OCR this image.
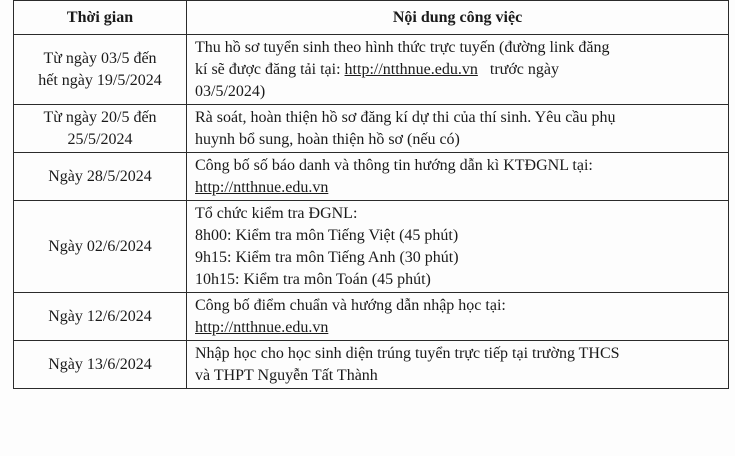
Thời gian	Nội dung công việc

Từ ngày 03/5 đến
hết ngày 19/5/2024	Thu hồ sơ tuyển sinh theo hình thức trực tuyến (đường link đăng
kí sẽ được đăng tải tại: http://ntthnue.edu.vn trước ngày
03/5/2024)

Từ ngày 20/5 đến
25/5/2024	Rà soát, hoàn thiện hồ sơ đăng kí dự thi của thí sinh. Yêu cầu phụ
huynh bổ sung, hoàn thiện hồ sơ (nếu có)

Ngày 28/5/2024	Công bố số báo danh và thông tin hướng dẫn kì KTĐGNL tại:
http://ntthnue.edu.vn

Ngày 02/6/2024	Tổ chức kiểm tra ĐGNL:
8h00: Kiểm tra môn Tiếng Việt (45 phút)
9h15: Kiểm tra môn Tiếng Anh (30 phút)
10h15: Kiểm tra môn Toán (45 phút)

Ngày 12/6/2024	Công bố điểm chuẩn và hướng dẫn nhập học tại:
http://ntthnue.edu.vn

Ngày 13/6/2024	Nhập học cho học sinh diện trúng tuyển trực tiếp tại trường THCS
và THPT Nguyễn Tất Thành
